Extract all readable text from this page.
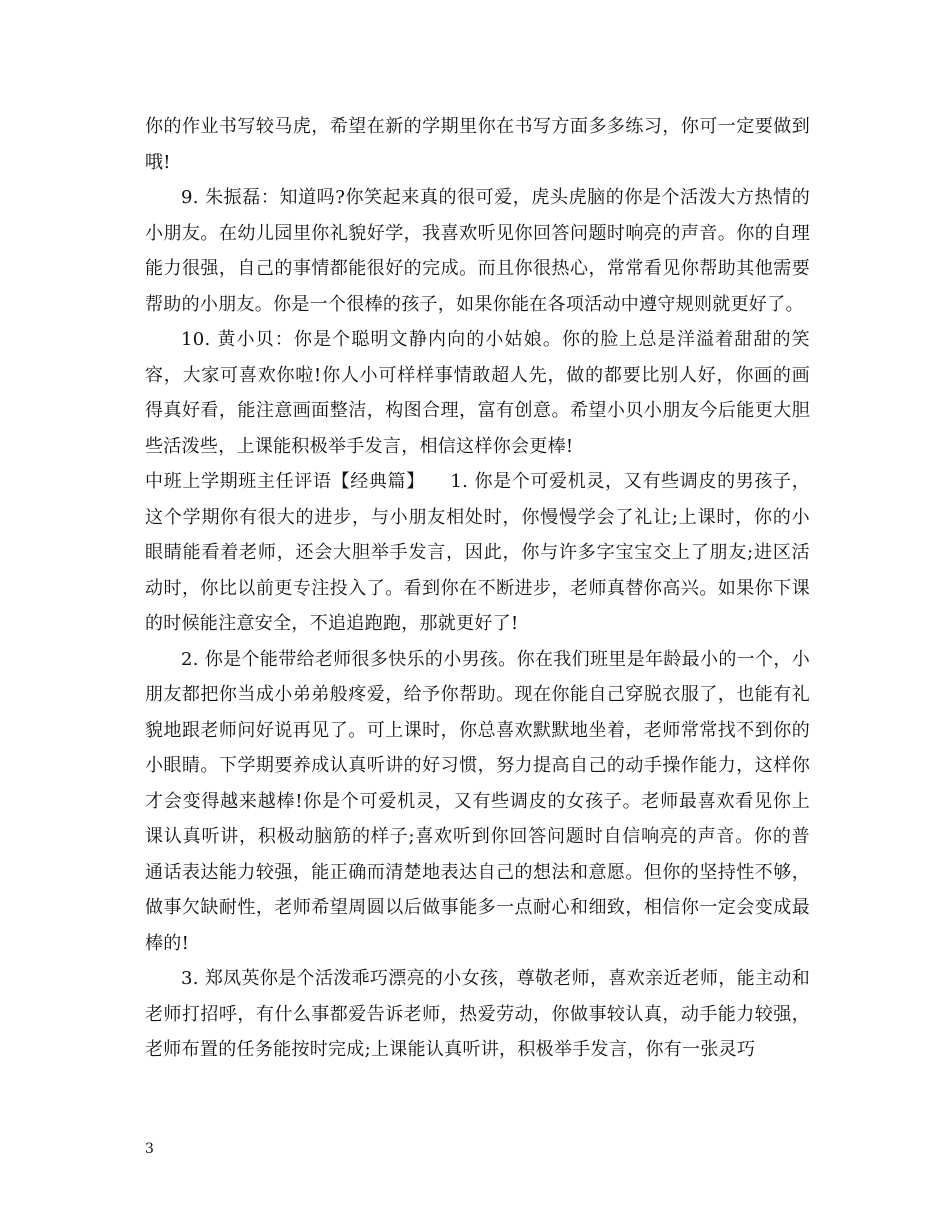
你的作业书写较马虎，希望在新的学期里你在书写方面多多练习，你可一定要做到哦!

9. 朱振磊：知道吗?你笑起来真的很可爱，虎头虎脑的你是个活泼大方热情的小朋友。在幼儿园里你礼貌好学，我喜欢听见你回答问题时响亮的声音。你的自理能力很强，自己的事情都能很好的完成。而且你很热心，常常看见你帮助其他需要帮助的小朋友。你是一个很棒的孩子，如果你能在各项活动中遵守规则就更好了。

10. 黄小贝：你是个聪明文静内向的小姑娘。你的脸上总是洋溢着甜甜的笑容，大家可喜欢你啦!你人小可样样事情敢超人先，做的都要比别人好，你画的画得真好看，能注意画面整洁，构图合理，富有创意。希望小贝小朋友今后能更大胆些活泼些，上课能积极举手发言，相信这样你会更棒!

中班上学期班主任评语【经典篇】    1. 你是个可爱机灵，又有些调皮的男孩子，这个学期你有很大的进步，与小朋友相处时，你慢慢学会了礼让;上课时，你的小眼睛能看着老师，还会大胆举手发言，因此，你与许多字宝宝交上了朋友;进区活动时，你比以前更专注投入了。看到你在不断进步，老师真替你高兴。如果你下课的时候能注意安全，不追追跑跑，那就更好了!

2. 你是个能带给老师很多快乐的小男孩。你在我们班里是年龄最小的一个，小朋友都把你当成小弟弟般疼爱，给予你帮助。现在你能自己穿脱衣服了，也能有礼貌地跟老师问好说再见了。可上课时，你总喜欢默默地坐着，老师常常找不到你的小眼睛。下学期要养成认真听讲的好习惯，努力提高自己的动手操作能力，这样你才会变得越来越棒!你是个可爱机灵，又有些调皮的女孩子。老师最喜欢看见你上课认真听讲，积极动脑筋的样子;喜欢听到你回答问题时自信响亮的声音。你的普通话表达能力较强，能正确而清楚地表达自己的想法和意愿。但你的坚持性不够，做事欠缺耐性，老师希望周圆以后做事能多一点耐心和细致，相信你一定会变成最棒的!

3. 郑凤英你是个活泼乖巧漂亮的小女孩，尊敬老师，喜欢亲近老师，能主动和老师打招呼，有什么事都爱告诉老师，热爱劳动，你做事较认真，动手能力较强，老师布置的任务能按时完成;上课能认真听讲，积极举手发言，你有一张灵巧

3
